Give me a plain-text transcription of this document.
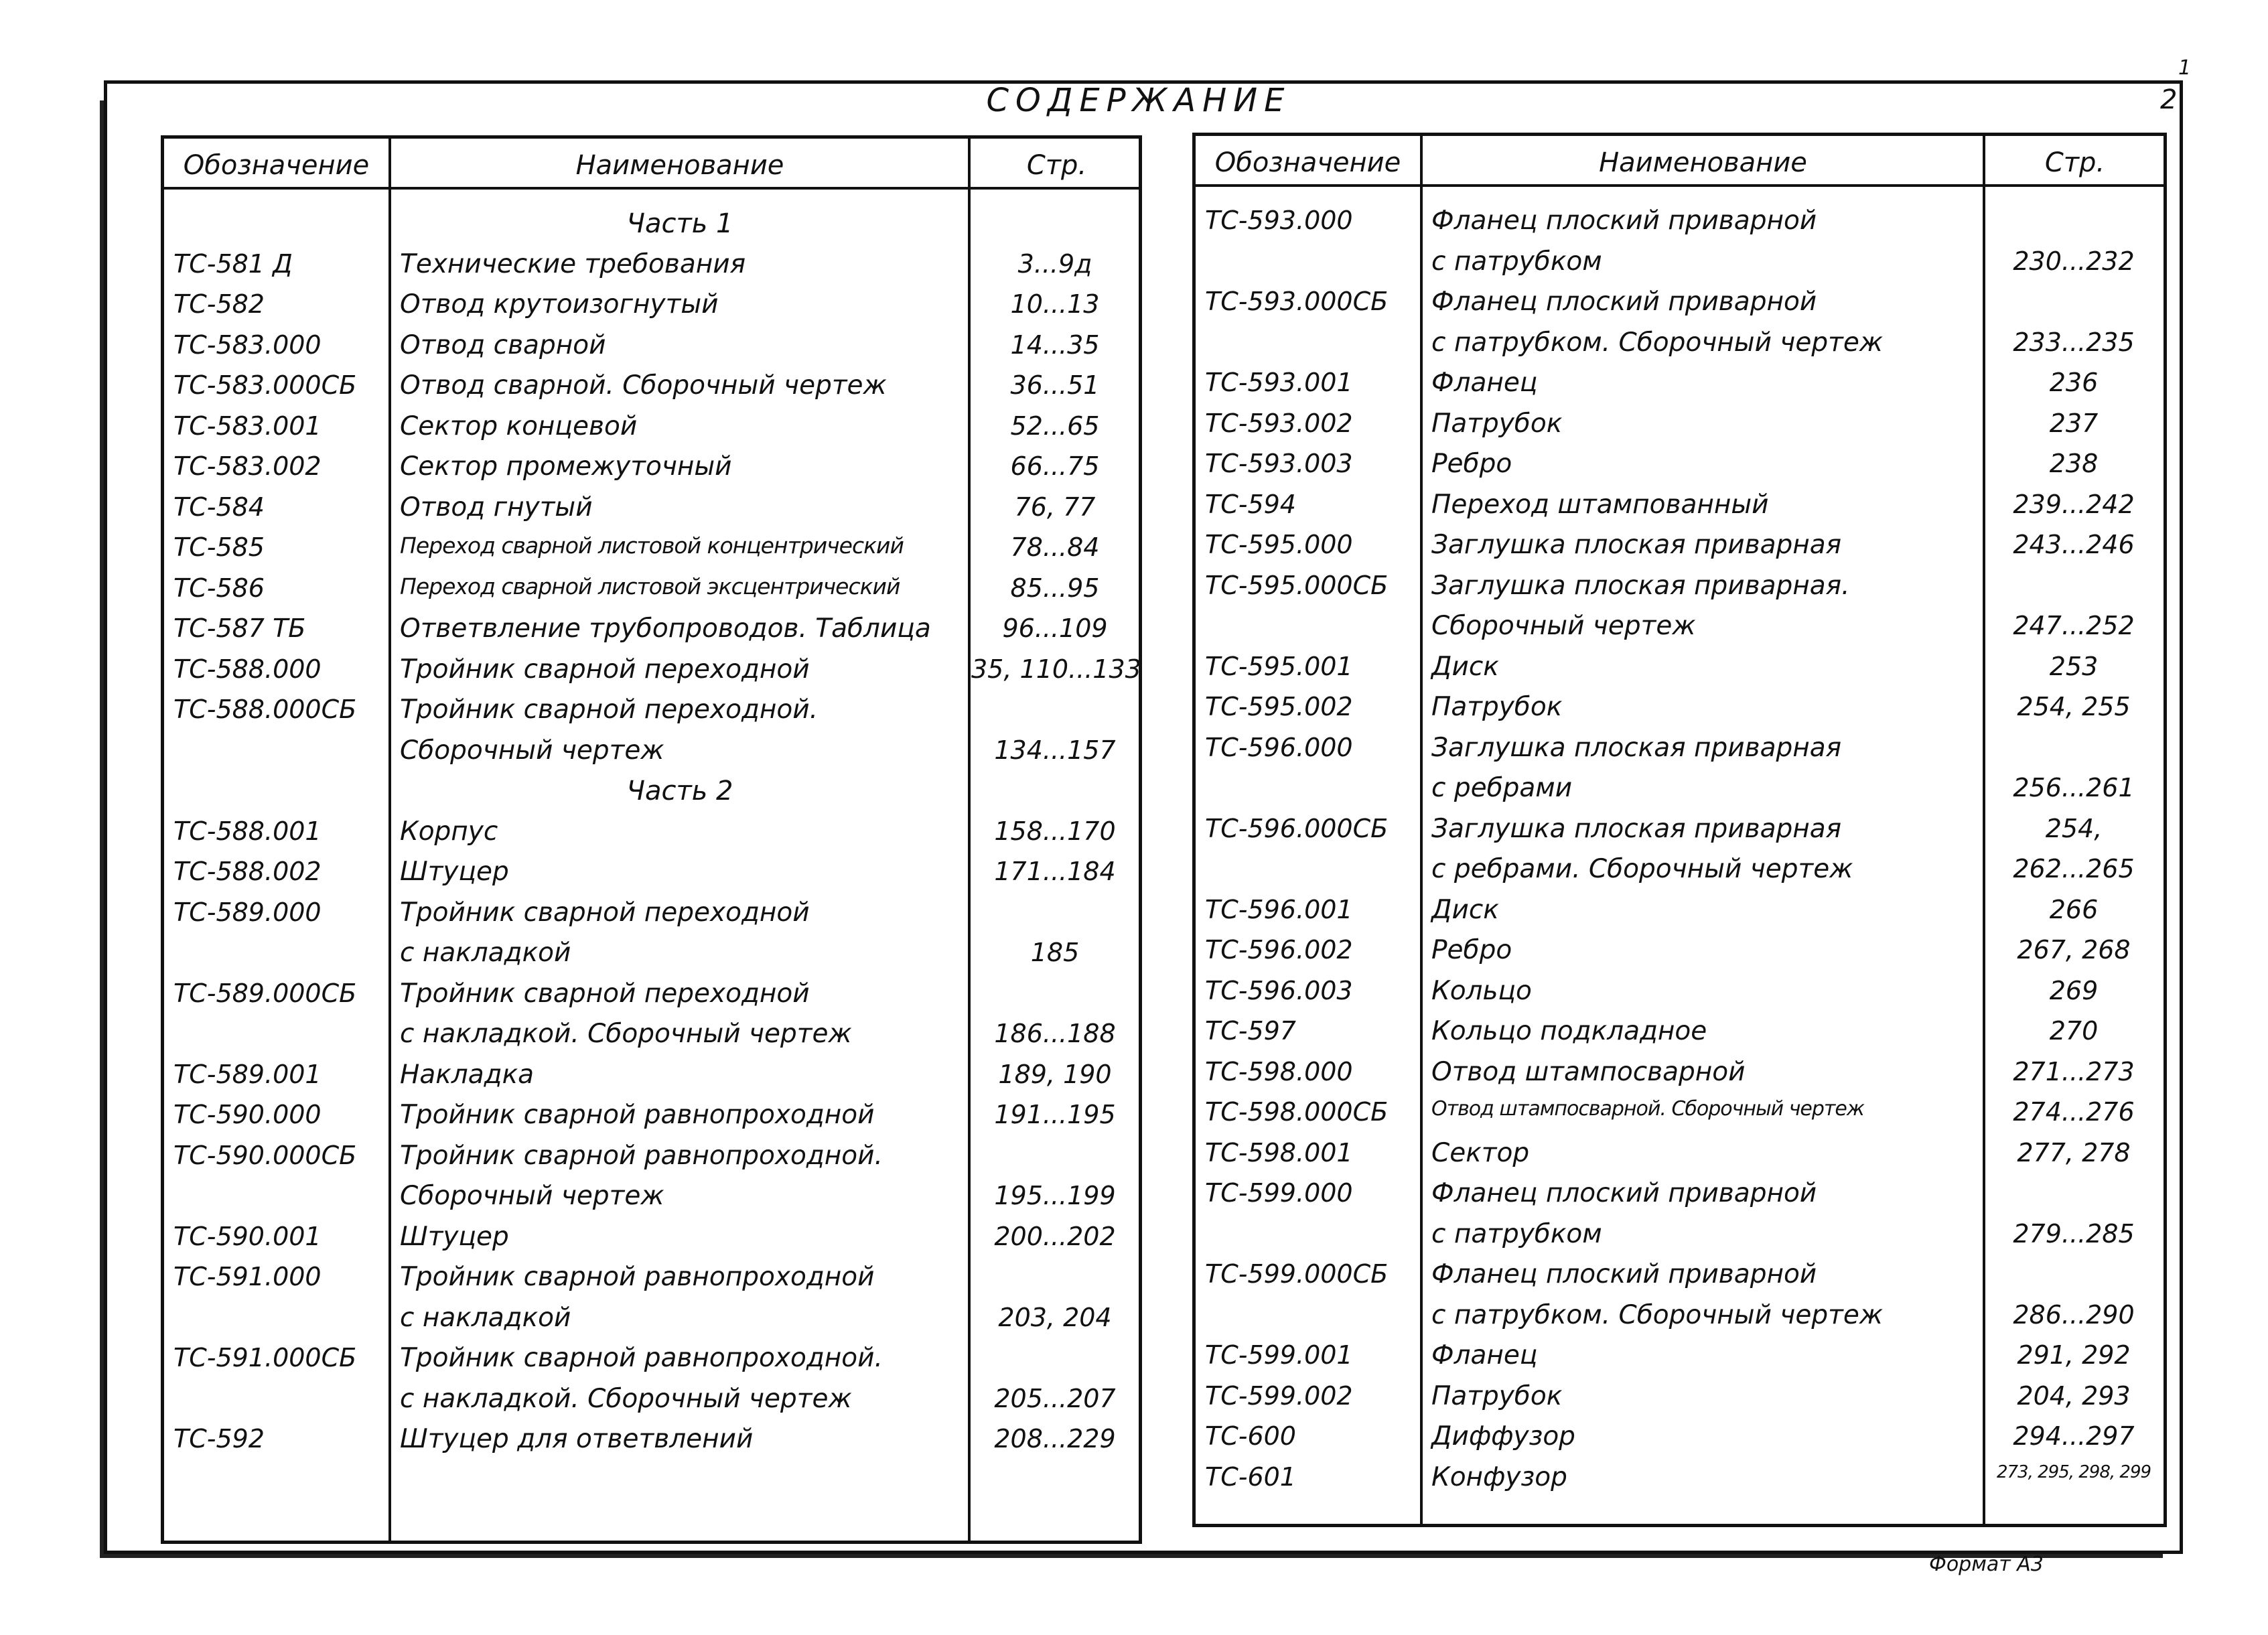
СОДЕРЖАНИЕ	2
1
Формат А3
Обозначение	Наименование	Стр.
Часть 1
ТС-581 Д	Технические требования	3...9д
ТС-582	Отвод крутоизогнутый	10...13
ТС-583.000	Отвод сварной	14...35
ТС-583.000СБ Отвод сварной. Сборочный чертеж	36...51
ТС-583.001	Сектор концевой	52...65
ТС-583.002	Сектор промежуточный	66...75
ТС-584	Отвод гнутый	76, 77
ТС-585	Переход сварной листовой концентрический	78...84
ТС-586	Переход сварной листовой эксцентрический	85...95
ТС-587 ТБ	Ответвление трубопроводов. Таблица	96...109
ТС-588.000	Тройник сварной переходной	35, 110...133
ТС-588.000СБ Тройник сварной переходной.
Сборочный чертеж	134...157
Часть 2
ТС-588.001	Корпус	158...170
ТС-588.002	Штуцер	171...184
ТС-589.000	Тройник сварной переходной
с накладкой	185
ТС-589.000СБ Тройник сварной переходной
с накладкой. Сборочный чертеж	186...188
ТС-589.001	Накладка	189, 190
ТС-590.000	Тройник сварной равнопроходной	191...195
ТС-590.000СБ Тройник сварной равнопроходной.
Сборочный чертеж	195...199
ТС-590.001	Штуцер	200...202
ТС-591.000	Тройник сварной равнопроходной
с накладкой	203, 204
ТС-591.000СБ Тройник сварной равнопроходной.
с накладкой. Сборочный чертеж	205...207
ТС-592	Штуцер для ответвлений	208...229
Обозначение	Наименование	Стр.
ТС-593.000	Фланец плоский приварной
с патрубком	230...232
ТС-593.000СБ Фланец плоский приварной
с патрубком. Сборочный чертеж	233...235
ТС-593.001	Фланец	236
ТС-593.002	Патрубок	237
ТС-593.003	Ребро	238
ТС-594	Переход штампованный	239...242
ТС-595.000	Заглушка плоская приварная	243...246
ТС-595.000СБ Заглушка плоская приварная.
Сборочный чертеж	247...252
ТС-595.001	Диск	253
ТС-595.002	Патрубок	254, 255
ТС-596.000	Заглушка плоская приварная
с ребрами	256...261
ТС-596.000СБ Заглушка плоская приварная	254,
с ребрами. Сборочный чертеж	262...265
ТС-596.001	Диск	266
ТС-596.002	Ребро	267, 268
ТС-596.003	Кольцо	269
ТС-597	Кольцо подкладное	270
ТС-598.000	Отвод штампосварной	271...273
ТС-598.000СБ Отвод штампосварной. Сборочный чертеж	274...276
ТС-598.001	Сектор	277, 278
ТС-599.000	Фланец плоский приварной
с патрубком	279...285
ТС-599.000СБ Фланец плоский приварной
с патрубком. Сборочный чертеж	286...290
ТС-599.001	Фланец	291, 292
ТС-599.002	Патрубок	204, 293
ТС-600	Диффузор	294...297
ТС-601	Конфузор	273, 295, 298, 299
